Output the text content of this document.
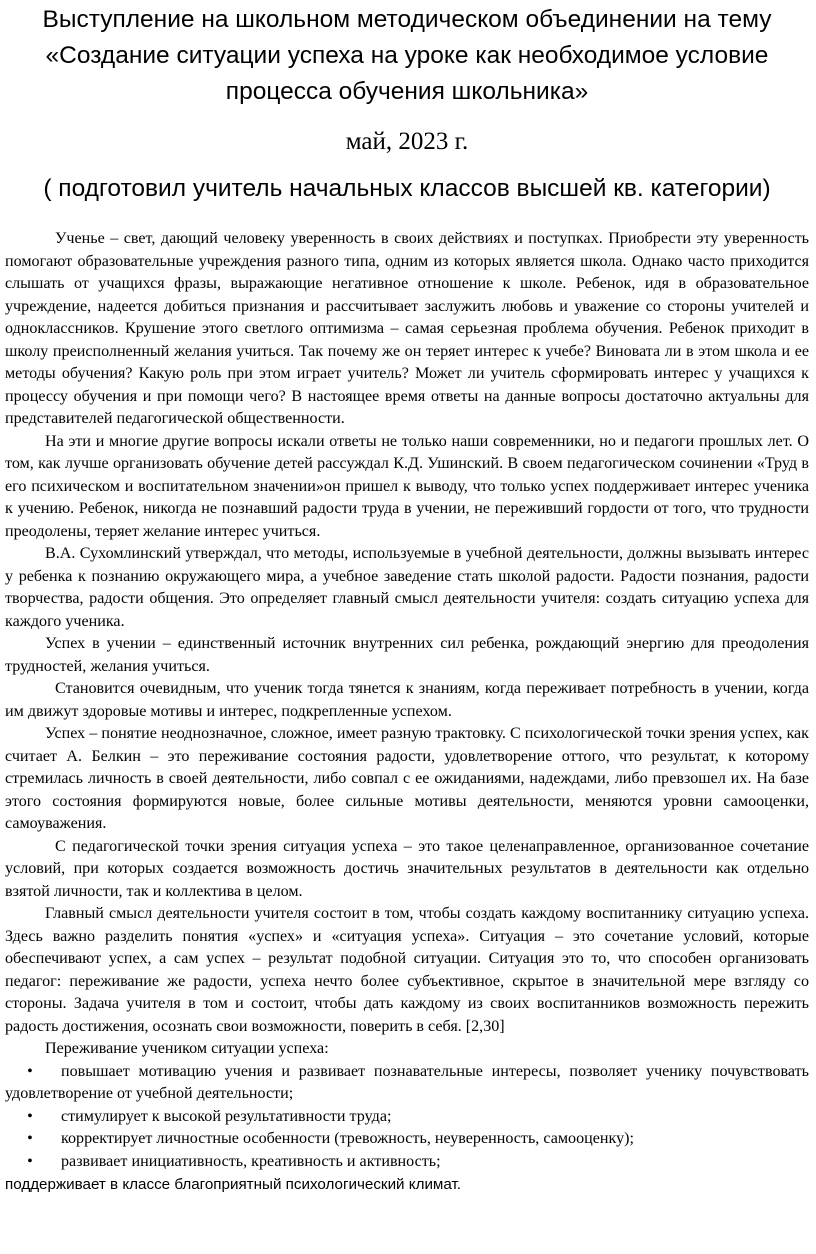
Выступление на школьном методическом объединении на тему «Создание ситуации успеха на уроке как необходимое условие процесса обучения школьника»
май, 2023 г.
( подготовил учитель начальных классов высшей кв. категории)

Ученье – свет, дающий человеку уверенность в своих действиях и поступках. Приобрести эту уверенность помогают образовательные учреждения разного типа, одним из которых является школа. Однако часто приходится слышать от учащихся фразы, выражающие негативное отношение к школе. Ребенок, идя в образовательное учреждение, надеется добиться признания и рассчитывает заслужить любовь и уважение со стороны учителей и одноклассников. Крушение этого светлого оптимизма – самая серьезная проблема обучения. Ребенок приходит в школу преисполненный желания учиться. Так почему же он теряет интерес к учебе? Виновата ли в этом школа и ее методы обучения? Какую роль при этом играет учитель? Может ли учитель сформировать интерес у учащихся к процессу обучения и при помощи чего? В настоящее время ответы на данные вопросы достаточно актуальны для представителей педагогической общественности.

На эти и многие другие вопросы искали ответы не только наши современники, но и педагоги прошлых лет. О том, как лучше организовать обучение детей рассуждал К.Д. Ушинский. В своем педагогическом сочинении «Труд в его психическом и воспитательном значении»он пришел к выводу, что только успех поддерживает интерес ученика к учению. Ребенок, никогда не познавший радости труда в учении, не переживший гордости от того, что трудности преодолены, теряет желание интерес учиться.

В.А. Сухомлинский утверждал, что методы, используемые в учебной деятельности, должны вызывать интерес у ребенка к познанию окружающего мира, а учебное заведение стать школой радости. Радости познания, радости творчества, радости общения. Это определяет главный смысл деятельности учителя: создать ситуацию успеха для каждого ученика.

Успех в учении – единственный источник внутренних сил ребенка, рождающий энергию для преодоления трудностей, желания учиться.

Становится очевидным, что ученик тогда тянется к знаниям, когда переживает потребность в учении, когда им движут здоровые мотивы и интерес, подкрепленные успехом.

Успех – понятие неоднозначное, сложное, имеет разную трактовку. С психологической точки зрения успех, как считает А. Белкин – это переживание состояния радости, удовлетворение оттого, что результат, к которому стремилась личность в своей деятельности, либо совпал с ее ожиданиями, надеждами, либо превзошел их. На базе этого состояния формируются новые, более сильные мотивы деятельности, меняются уровни самооценки, самоуважения.

С педагогической точки зрения ситуация успеха – это такое целенаправленное, организованное сочетание условий, при которых создается возможность достичь значительных результатов в деятельности как отдельно взятой личности, так и коллектива в целом.

Главный смысл деятельности учителя состоит в том, чтобы создать каждому воспитаннику ситуацию успеха. Здесь важно разделить понятия «успех» и «ситуация успеха». Ситуация – это сочетание условий, которые обеспечивают успех, а сам успех – результат подобной ситуации. Ситуация это то, что способен организовать педагог: переживание же радости, успеха нечто более субъективное, скрытое в значительной мере взгляду со стороны. Задача учителя в том и состоит, чтобы дать каждому из своих воспитанников возможность пережить радость достижения, осознать свои возможности, поверить в себя. [2,30]

Переживание учеником ситуации успеха:

• повышает мотивацию учения и развивает познавательные интересы, позволяет ученику почувствовать удовлетворение от учебной деятельности;
• стимулирует к высокой результативности труда;
• корректирует личностные особенности (тревожность, неуверенность, самооценку);
• развивает инициативность, креативность и активность;
поддерживает в классе благоприятный психологический климат.
